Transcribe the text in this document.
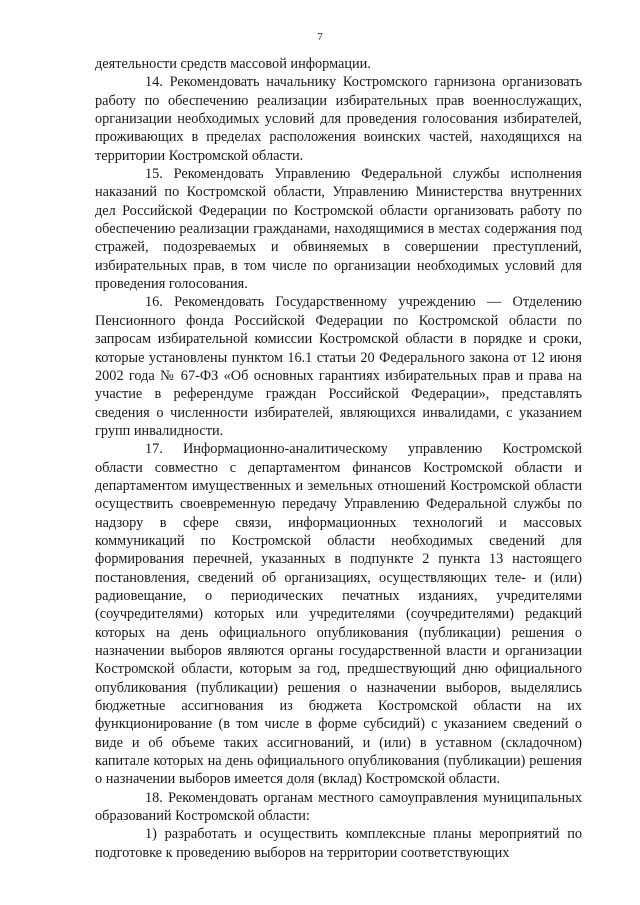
7

деятельности средств массовой информации.

14. Рекомендовать начальнику Костромского гарнизона организовать работу по обеспечению реализации избирательных прав военнослужащих, организации необходимых условий для проведения голосования избирателей, проживающих в пределах расположения воинских частей, находящихся на территории Костромской области.

15. Рекомендовать Управлению Федеральной службы исполнения наказаний по Костромской области, Управлению Министерства внутренних дел Российской Федерации по Костромской области организовать работу по обеспечению реализации гражданами, находящимися в местах содержания под стражей, подозреваемых и обвиняемых в совершении преступлений, избирательных прав, в том числе по организации необходимых условий для проведения голосования.

16. Рекомендовать Государственному учреждению — Отделению Пенсионного фонда Российской Федерации по Костромской области по запросам избирательной комиссии Костромской области в порядке и сроки, которые установлены пунктом 16.1 статьи 20 Федерального закона от 12 июня 2002 года № 67-ФЗ «Об основных гарантиях избирательных прав и права на участие в референдуме граждан Российской Федерации», представлять сведения о численности избирателей, являющихся инвалидами, с указанием групп инвалидности.

17. Информационно-аналитическому управлению Костромской области совместно с департаментом финансов Костромской области и департаментом имущественных и земельных отношений Костромской области осуществить своевременную передачу Управлению Федеральной службы по надзору в сфере связи, информационных технологий и массовых коммуникаций по Костромской области необходимых сведений для формирования перечней, указанных в подпункте 2 пункта 13 настоящего постановления, сведений об организациях, осуществляющих теле- и (или) радиовещание, о периодических печатных изданиях, учредителями (соучредителями) которых или учредителями (соучредителями) редакций которых на день официального опубликования (публикации) решения о назначении выборов являются органы государственной власти и организации Костромской области, которым за год, предшествующий дню официального опубликования (публикации) решения о назначении выборов, выделялись бюджетные ассигнования из бюджета Костромской области на их функционирование (в том числе в форме субсидий) с указанием сведений о виде и об объеме таких ассигнований, и (или) в уставном (складочном) капитале которых на день официального опубликования (публикации) решения о назначении выборов имеется доля (вклад) Костромской области.

18. Рекомендовать органам местного самоуправления муниципальных образований Костромской области:

1) разработать и осуществить комплексные планы мероприятий по подготовке к проведению выборов на территории соответствующих
